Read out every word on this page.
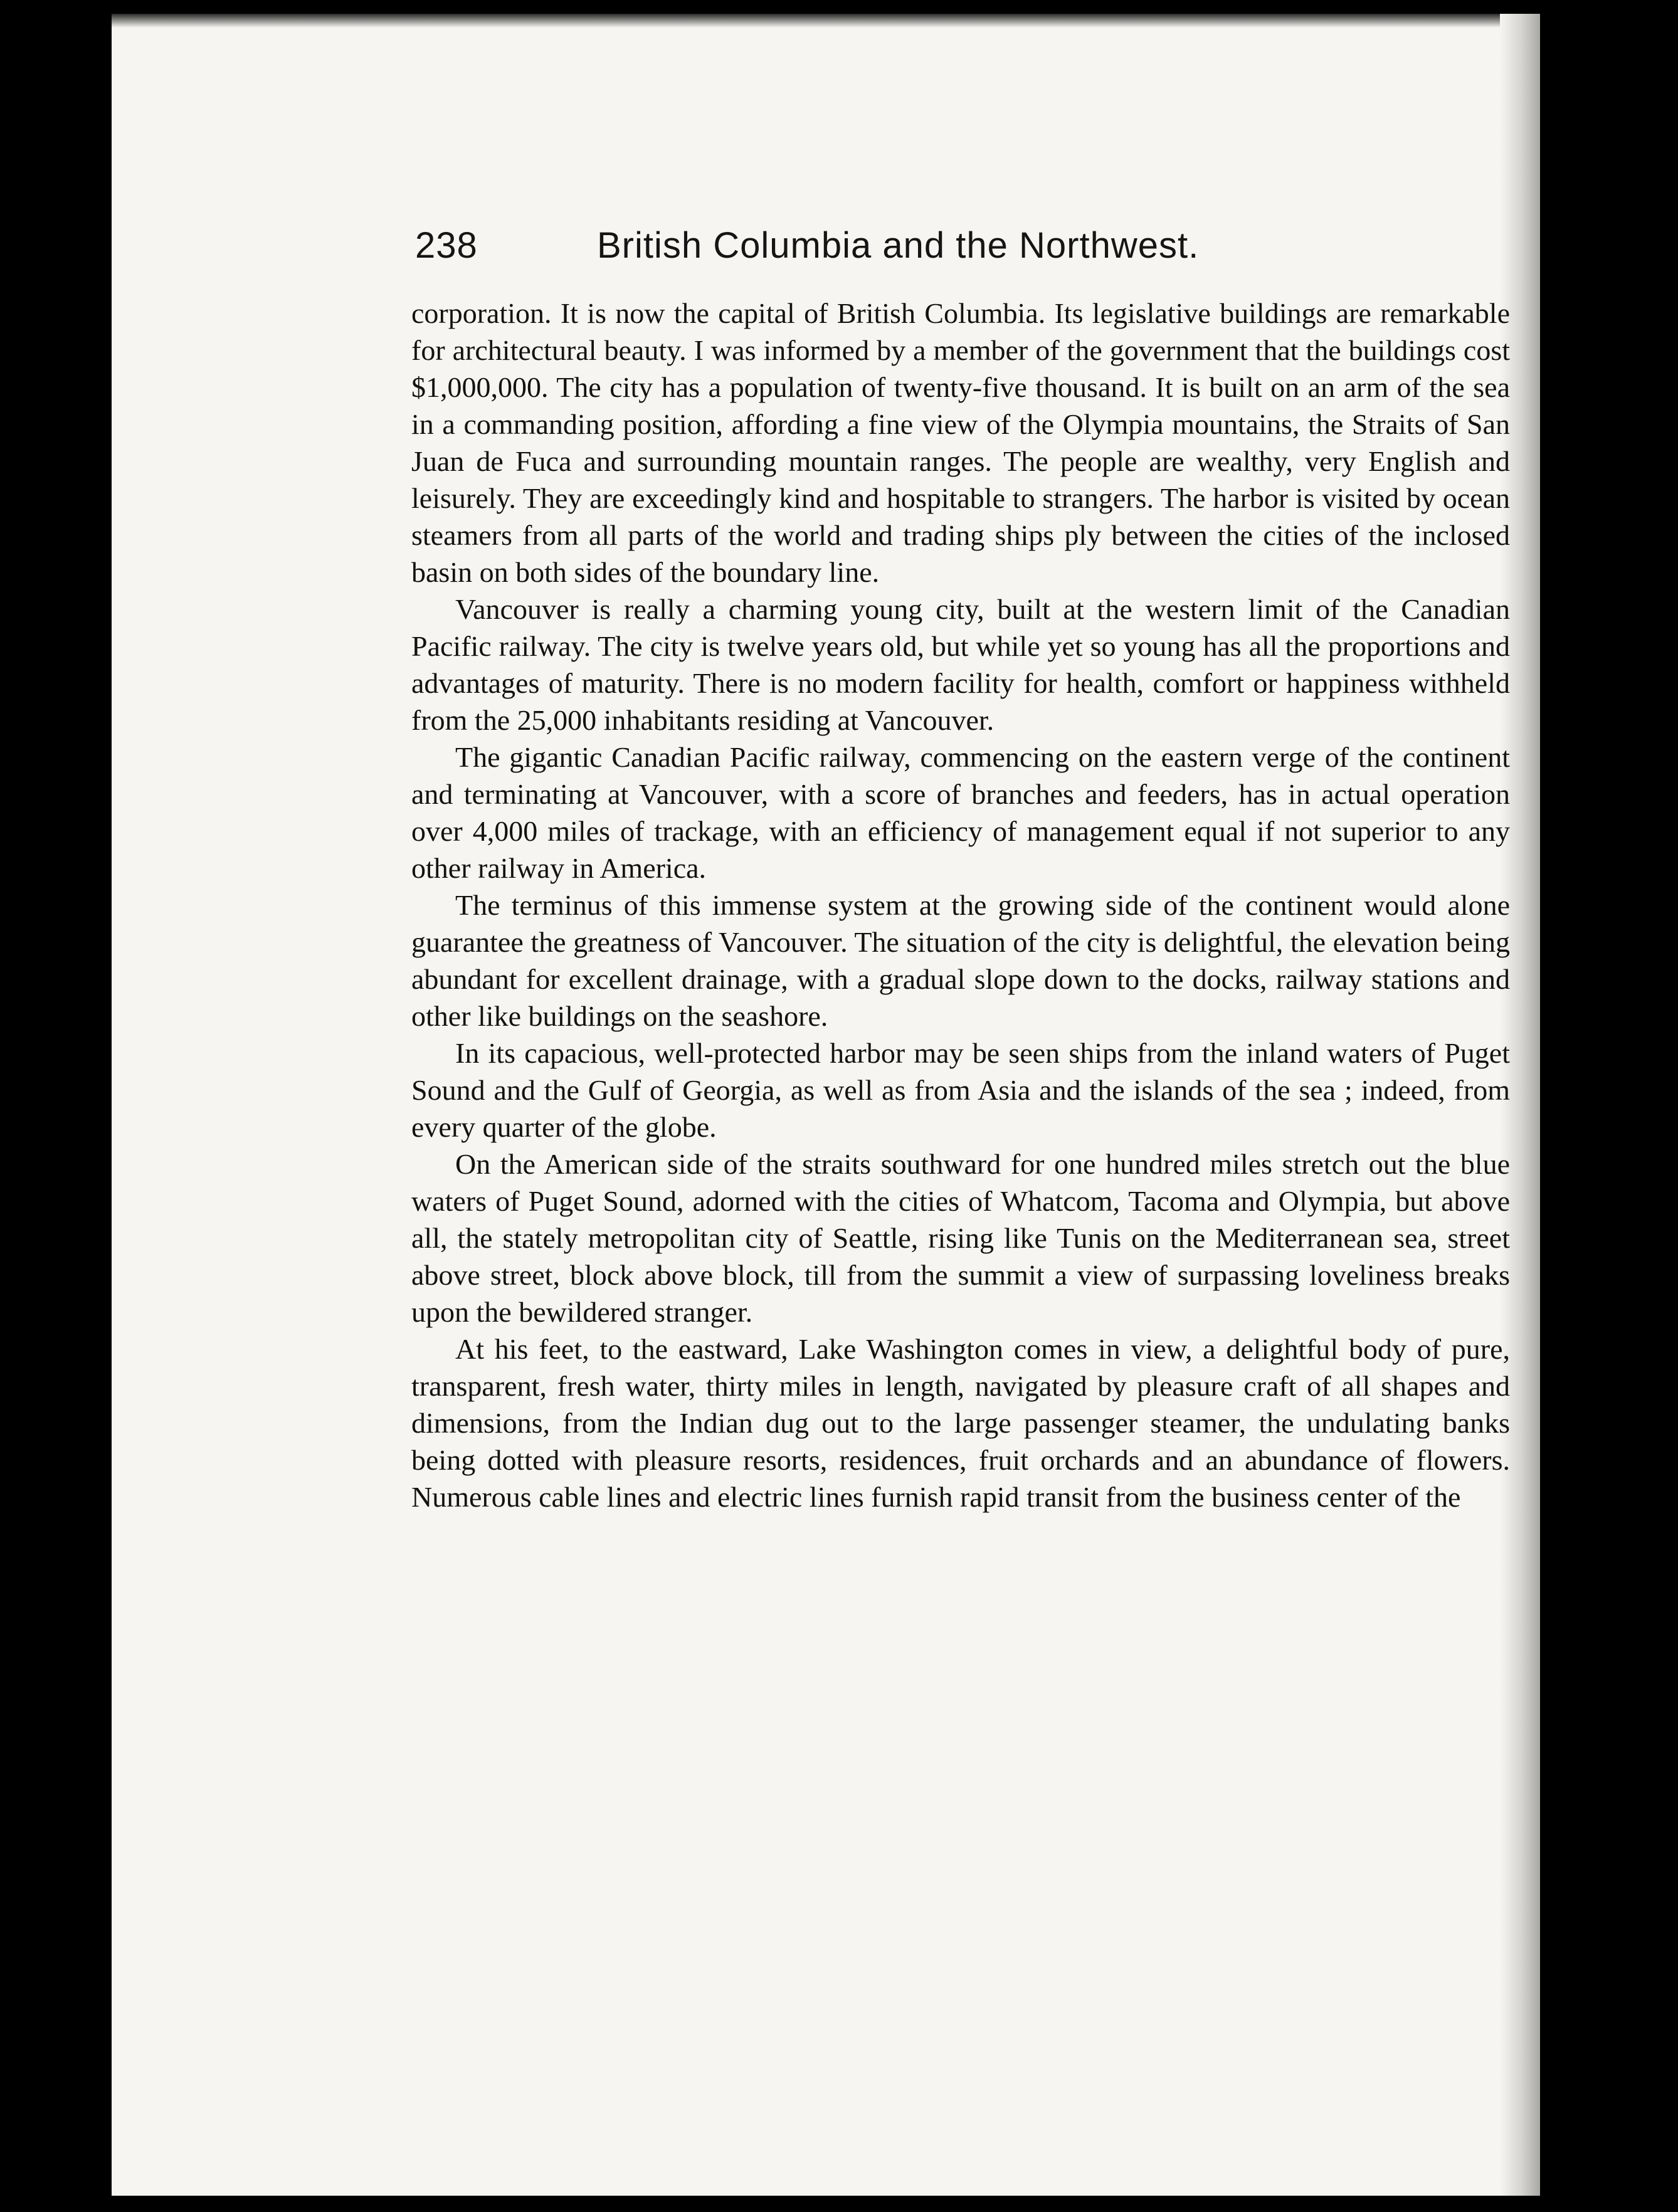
238	British Columbia and the Northwest.

corporation. It is now the capital of British Columbia. Its legislative buildings are remarkable for architectural beauty. I was informed by a member of the government that the buildings cost $1,000,000. The city has a population of twenty-five thousand. It is built on an arm of the sea in a commanding position, affording a fine view of the Olympia mountains, the Straits of San Juan de Fuca and surrounding mountain ranges. The people are wealthy, very English and leisurely. They are exceedingly kind and hospitable to strangers. The harbor is visited by ocean steamers from all parts of the world and trading ships ply between the cities of the inclosed basin on both sides of the boundary line.

Vancouver is really a charming young city, built at the western limit of the Canadian Pacific railway. The city is twelve years old, but while yet so young has all the proportions and advantages of maturity. There is no modern facility for health, comfort or happiness withheld from the 25,000 inhabitants residing at Vancouver.

The gigantic Canadian Pacific railway, commencing on the eastern verge of the continent and terminating at Vancouver, with a score of branches and feeders, has in actual operation over 4,000 miles of trackage, with an efficiency of management equal if not superior to any other railway in America.

The terminus of this immense system at the growing side of the continent would alone guarantee the greatness of Vancouver. The situation of the city is delightful, the elevation being abundant for excellent drainage, with a gradual slope down to the docks, railway stations and other like buildings on the seashore.

In its capacious, well-protected harbor may be seen ships from the inland waters of Puget Sound and the Gulf of Georgia, as well as from Asia and the islands of the sea ; indeed, from every quarter of the globe.

On the American side of the straits southward for one hundred miles stretch out the blue waters of Puget Sound, adorned with the cities of Whatcom, Tacoma and Olympia, but above all, the stately metropolitan city of Seattle, rising like Tunis on the Mediterranean sea, street above street, block above block, till from the summit a view of surpassing loveliness breaks upon the bewildered stranger.

At his feet, to the eastward, Lake Washington comes in view, a delightful body of pure, transparent, fresh water, thirty miles in length, navigated by pleasure craft of all shapes and dimensions, from the Indian dug out to the large passenger steamer, the undulating banks being dotted with pleasure resorts, residences, fruit orchards and an abundance of flowers. Numerous cable lines and electric lines furnish rapid transit from the business center of the
